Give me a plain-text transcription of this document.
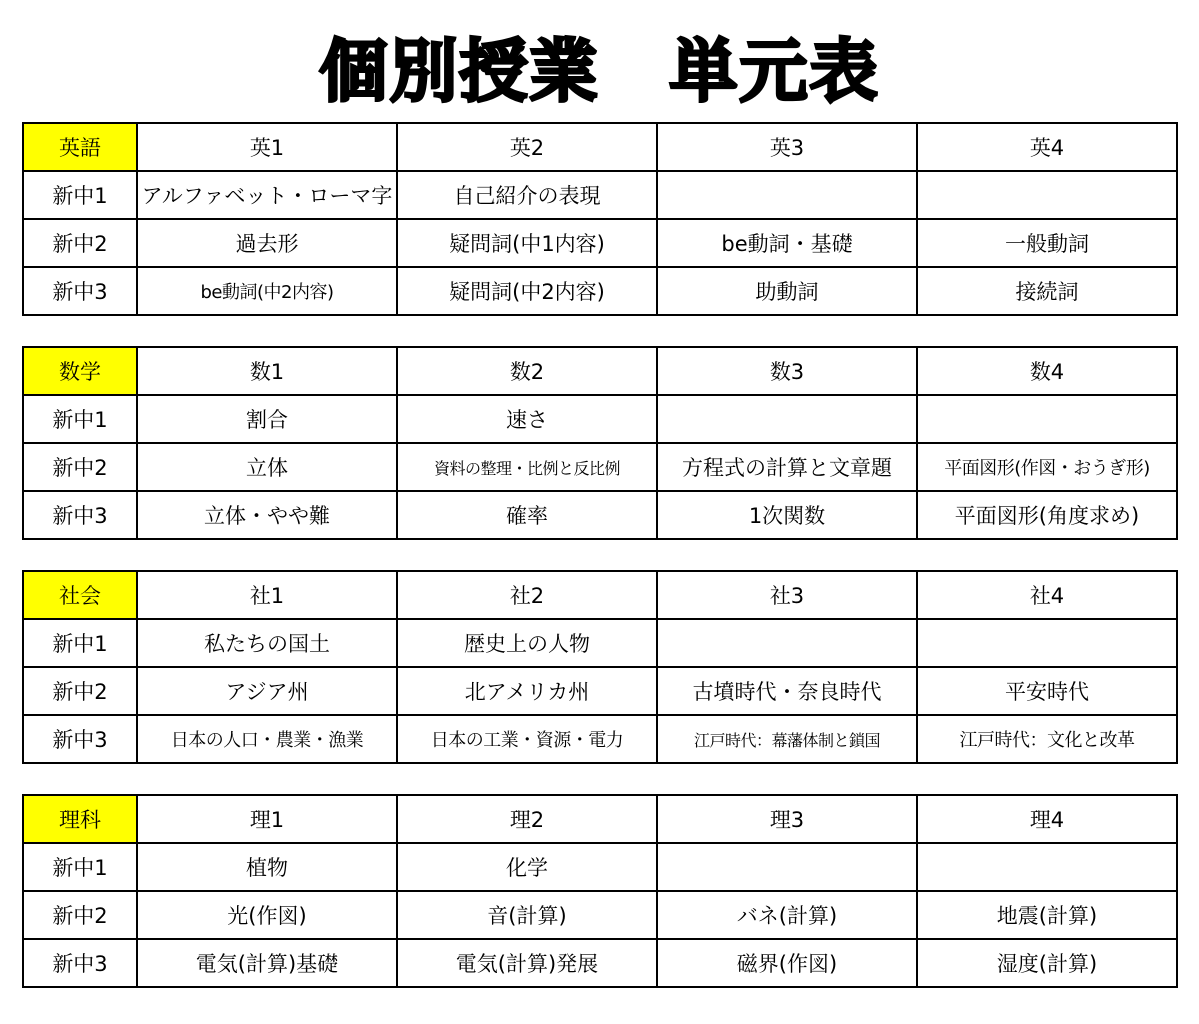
個別授業　単元表
英語	英1	英2	英3	英4
新中1	アルファベット・ローマ字	自己紹介の表現		
新中2	過去形	疑問詞(中1内容)	be動詞・基礎	一般動詞
新中3	be動詞(中2内容)	疑問詞(中2内容)	助動詞	接続詞
数学	数1	数2	数3	数4
新中1	割合	速さ		
新中2	立体	資料の整理・比例と反比例	方程式の計算と文章題	平面図形(作図・おうぎ形)
新中3	立体・やや難	確率	1次関数	平面図形(角度求め)
社会	社1	社2	社3	社4
新中1	私たちの国土	歴史上の人物		
新中2	アジア州	北アメリカ州	古墳時代・奈良時代	平安時代
新中3	日本の人口・農業・漁業	日本の工業・資源・電力	江戸時代：幕藩体制と鎖国	江戸時代：文化と改革
理科	理1	理2	理3	理4
新中1	植物	化学		
新中2	光(作図)	音(計算)	バネ(計算)	地震(計算)
新中3	電気(計算)基礎	電気(計算)発展	磁界(作図)	湿度(計算)
